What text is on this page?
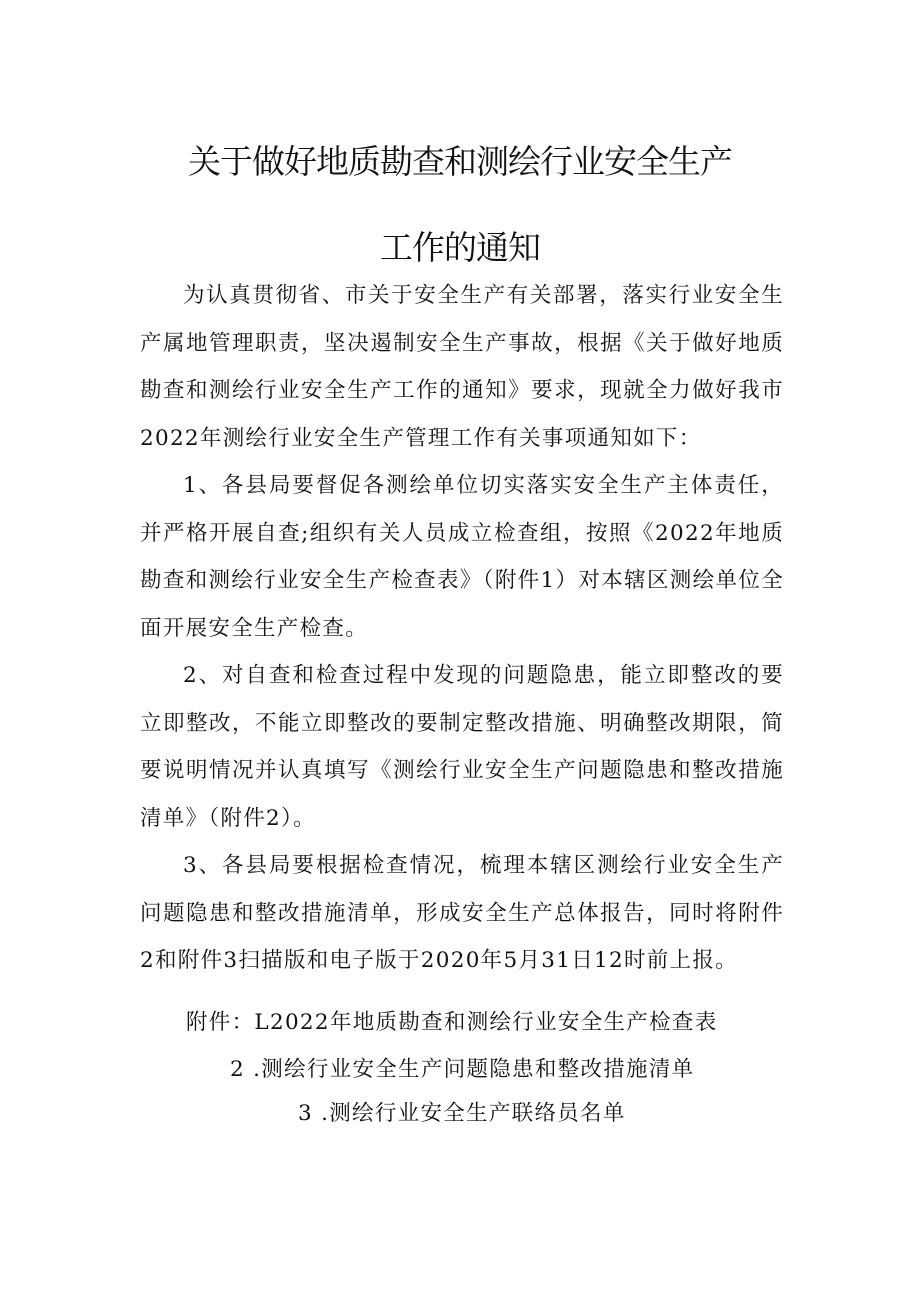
关于做好地质勘查和测绘行业安全生产
工作的通知

为认真贯彻省、市关于安全生产有关部署，落实行业安全生产属地管理职责，坚决遏制安全生产事故，根据《关于做好地质勘查和测绘行业安全生产工作的通知》要求，现就全力做好我市2022年测绘行业安全生产管理工作有关事项通知如下：

1、各县局要督促各测绘单位切实落实安全生产主体责任，并严格开展自查;组织有关人员成立检查组，按照《2022年地质勘查和测绘行业安全生产检查表》（附件1）对本辖区测绘单位全面开展安全生产检查。

2、对自查和检查过程中发现的问题隐患，能立即整改的要立即整改，不能立即整改的要制定整改措施、明确整改期限，简要说明情况并认真填写《测绘行业安全生产问题隐患和整改措施清单》（附件2）。

3、各县局要根据检查情况，梳理本辖区测绘行业安全生产问题隐患和整改措施清单，形成安全生产总体报告，同时将附件2和附件3扫描版和电子版于2020年5月31日12时前上报。

附件：L2022年地质勘查和测绘行业安全生产检查表
2 .测绘行业安全生产问题隐患和整改措施清单
3 .测绘行业安全生产联络员名单
